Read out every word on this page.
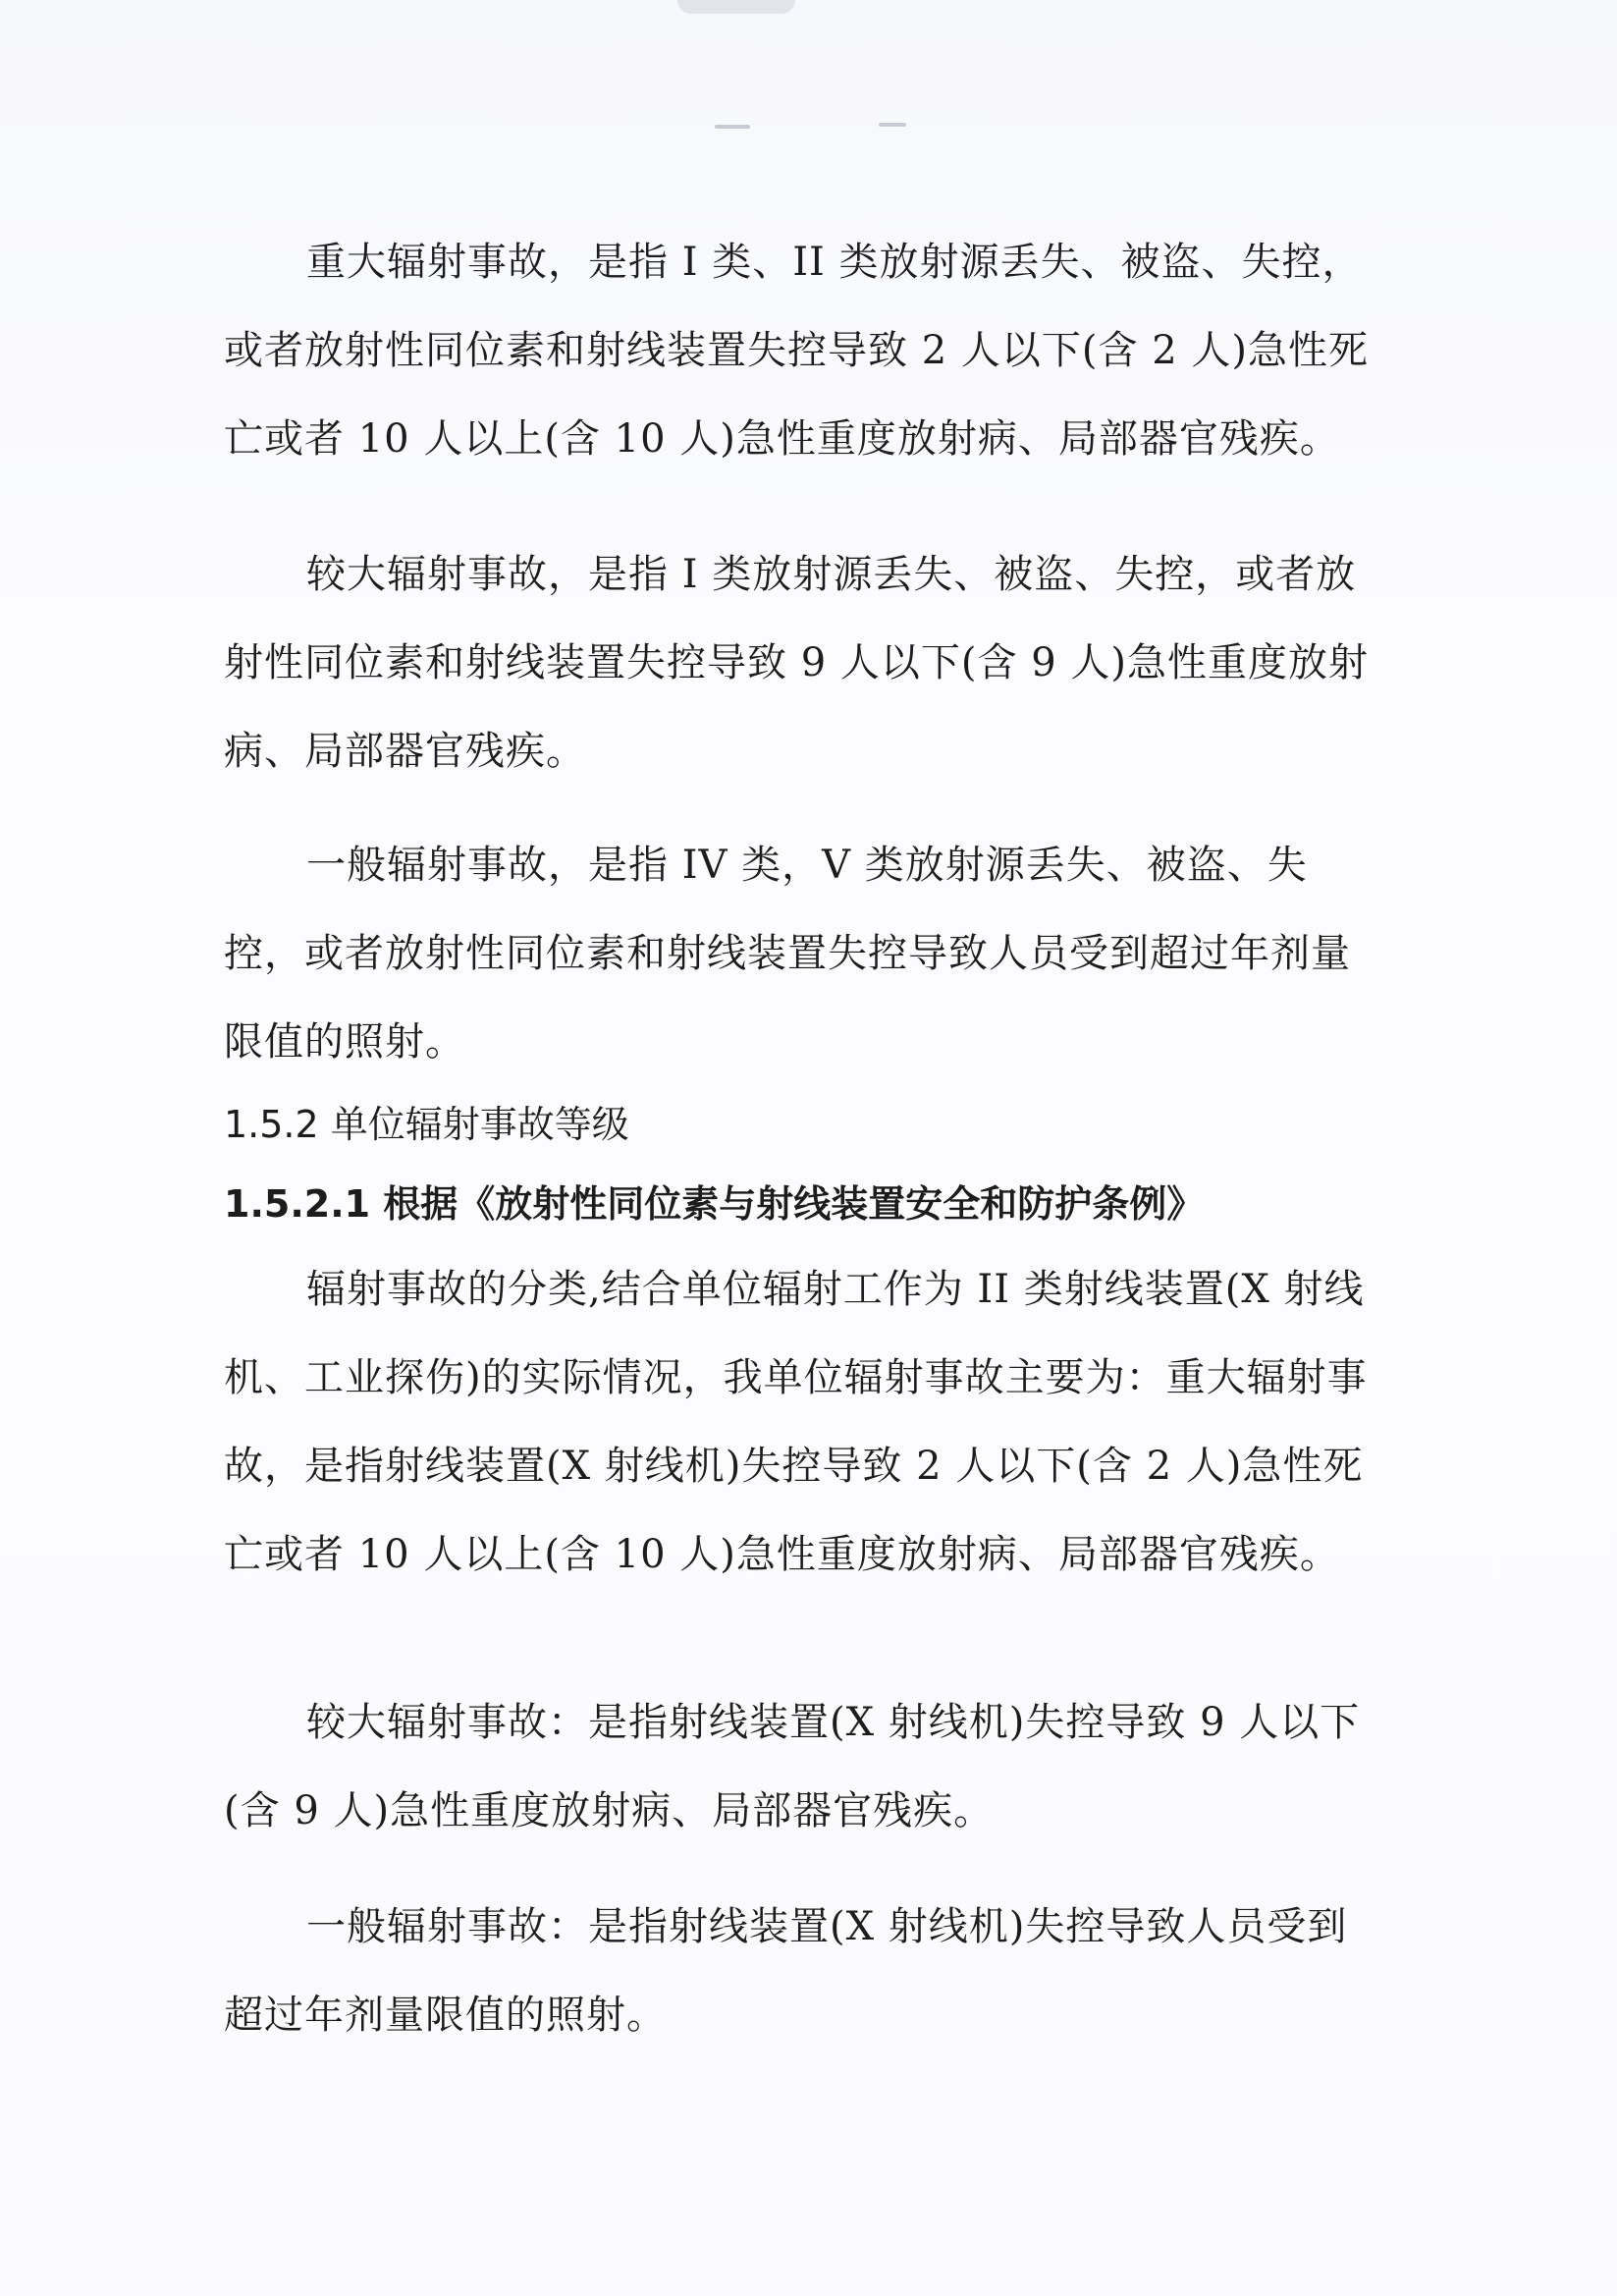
重大辐射事故，是指 I 类、II 类放射源丢失、被盗、失控，或者放射性同位素和射线装置失控导致 2 人以下(含 2 人)急性死亡或者 10 人以上(含 10 人)急性重度放射病、局部器官残疾。

较大辐射事故，是指 I 类放射源丢失、被盗、失控，或者放射性同位素和射线装置失控导致 9 人以下(含 9 人)急性重度放射病、局部器官残疾。

一般辐射事故，是指 IV 类，V 类放射源丢失、被盗、失控，或者放射性同位素和射线装置失控导致人员受到超过年剂量限值的照射。

1.5.2 单位辐射事故等级
1.5.2.1 根据《放射性同位素与射线装置安全和防护条例》

辐射事故的分类,结合单位辐射工作为 II 类射线装置(X 射线机、工业探伤)的实际情况，我单位辐射事故主要为：重大辐射事故，是指射线装置(X 射线机)失控导致 2 人以下(含 2 人)急性死亡或者 10 人以上(含 10 人)急性重度放射病、局部器官残疾。

较大辐射事故：是指射线装置(X 射线机)失控导致 9 人以下(含 9 人)急性重度放射病、局部器官残疾。

一般辐射事故：是指射线装置(X 射线机)失控导致人员受到超过年剂量限值的照射。
